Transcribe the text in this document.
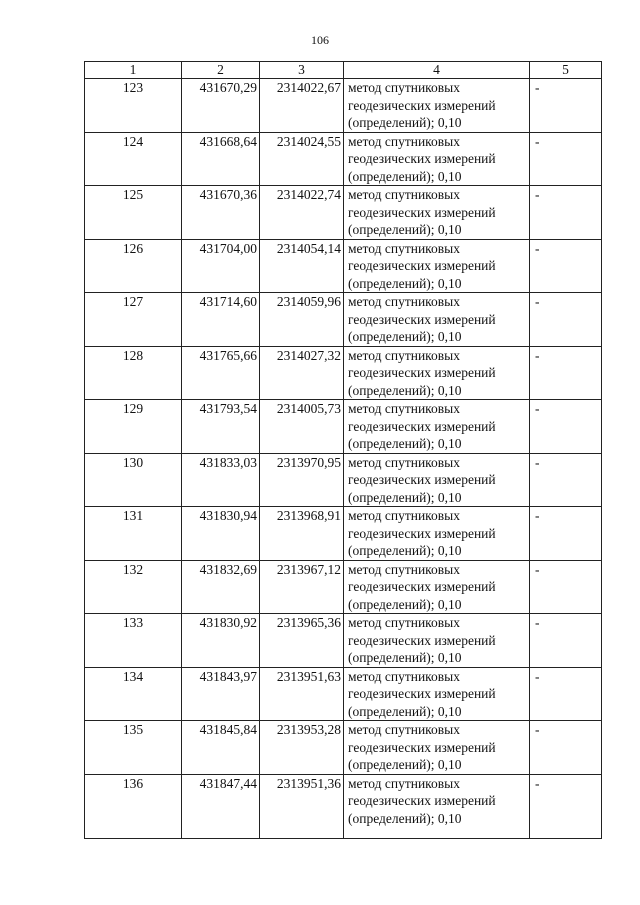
106
1	2	3	4	5
123	431670,29	2314022,67	метод спутниковых
геодезических измерений
(определений); 0,10	-
124	431668,64	2314024,55	метод спутниковых
геодезических измерений
(определений); 0,10	-
125	431670,36	2314022,74	метод спутниковых
геодезических измерений
(определений); 0,10	-
126	431704,00	2314054,14	метод спутниковых
геодезических измерений
(определений); 0,10	-
127	431714,60	2314059,96	метод спутниковых
геодезических измерений
(определений); 0,10	-
128	431765,66	2314027,32	метод спутниковых
геодезических измерений
(определений); 0,10	-
129	431793,54	2314005,73	метод спутниковых
геодезических измерений
(определений); 0,10	-
130	431833,03	2313970,95	метод спутниковых
геодезических измерений
(определений); 0,10	-
131	431830,94	2313968,91	метод спутниковых
геодезических измерений
(определений); 0,10	-
132	431832,69	2313967,12	метод спутниковых
геодезических измерений
(определений); 0,10	-
133	431830,92	2313965,36	метод спутниковых
геодезических измерений
(определений); 0,10	-
134	431843,97	2313951,63	метод спутниковых
геодезических измерений
(определений); 0,10	-
135	431845,84	2313953,28	метод спутниковых
геодезических измерений
(определений); 0,10	-
136	431847,44	2313951,36	метод спутниковых
геодезических измерений
(определений); 0,10	-
